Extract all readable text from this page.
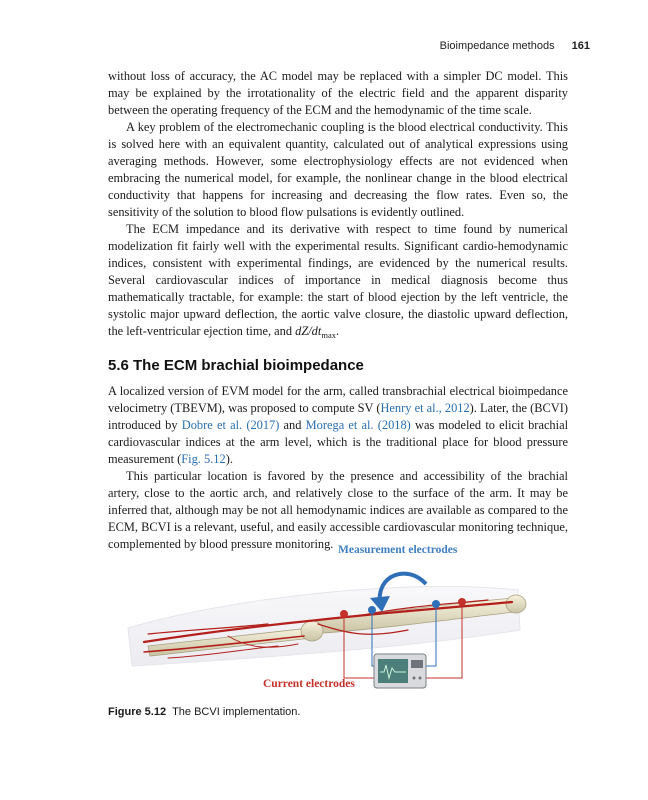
Bioimpedance methods 161

without loss of accuracy, the AC model may be replaced with a simpler DC model. This may be explained by the irrotationality of the electric field and the apparent disparity between the operating frequency of the ECM and the hemodynamic of the time scale.

A key problem of the electromechanic coupling is the blood electrical conductivity. This is solved here with an equivalent quantity, calculated out of analytical expressions using averaging methods. However, some electrophysiology effects are not evidenced when embracing the numerical model, for example, the nonlinear change in the blood electrical conductivity that happens for increasing and decreasing the flow rates. Even so, the sensitivity of the solution to blood flow pulsations is evidently outlined.

The ECM impedance and its derivative with respect to time found by numerical modelization fit fairly well with the experimental results. Significant cardio-hemodynamic indices, consistent with experimental findings, are evidenced by the numerical results. Several cardiovascular indices of importance in medical diagnosis become thus mathematically tractable, for example: the start of blood ejection by the left ventricle, the systolic major upward deflection, the aortic valve closure, the diastolic upward deflection, the left-ventricular ejection time, and $dZ/dt_{max}$.

5.6 The ECM brachial bioimpedance

A localized version of EVM model for the arm, called transbrachial electrical bioimpedance velocimetry (TBEVM), was proposed to compute SV (Henry et al., 2012). Later, the (BCVI) introduced by Dobre et al. (2017) and Morega et al. (2018) was modeled to elicit brachial cardiovascular indices at the arm level, which is the traditional place for blood pressure measurement (Fig. 5.12).

This particular location is favored by the presence and accessibility of the brachial artery, close to the aortic arch, and relatively close to the surface of the arm. It may be inferred that, although may be not all hemodynamic indices are available as compared to the ECM, BCVI is a relevant, useful, and easily accessible cardiovascular monitoring technique, complemented by blood pressure monitoring. Measurement electrodes
Current electrodes
Figure 5.12 The BCVI implementation.
